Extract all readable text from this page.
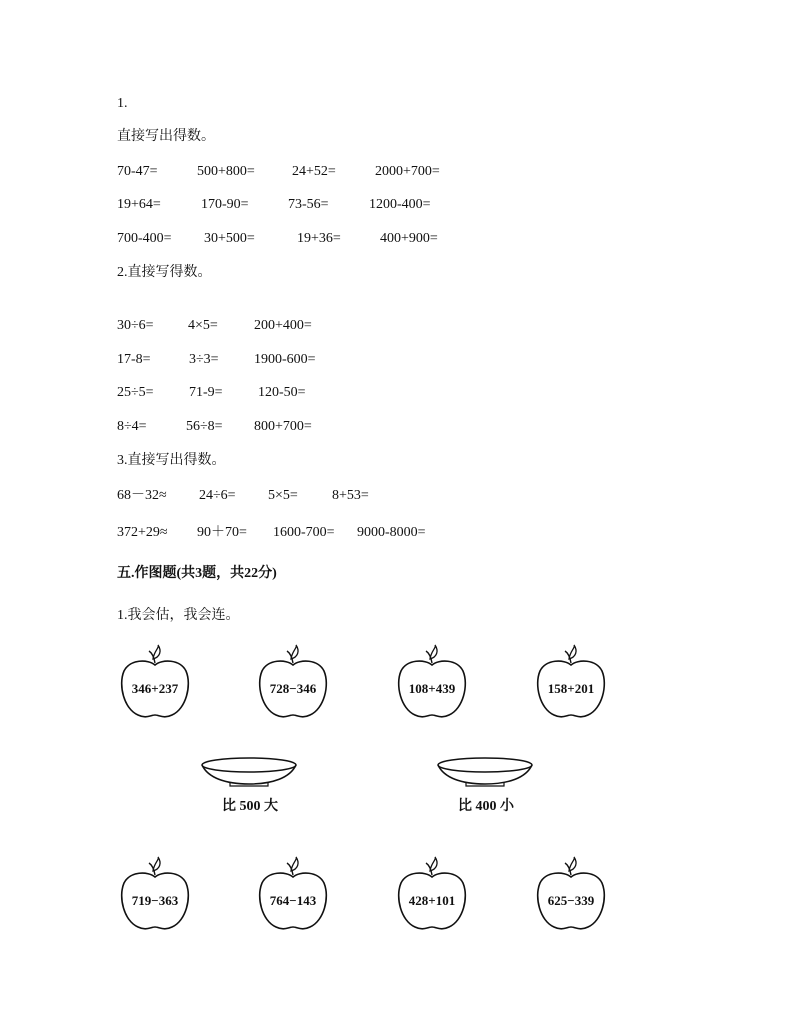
1.
直接写出得数。
70-47=	500+800=	24+52=	2000+700=
19+64=	170-90=	73-56=	1200-400=
700-400= 30+500=	19+36=	400+900=
2.直接写得数。
30÷6= 4×5=	200+400=
17-8=	3÷3=	1900-600=
25÷5=	71-9=	120-50=
8÷4=	56÷8= 800+700=
3.直接写出得数。
68－32≈ 24÷6= 5×5= 8+53=
372+29≈ 90＋70= 1600-700= 9000-8000=
五.作图题(共3题，共22分)
1.我会估，我会连。
346+237	728−346	108+439	158+201
比 500 大	比 400 小
719−363	764−143	428+101	625−339
